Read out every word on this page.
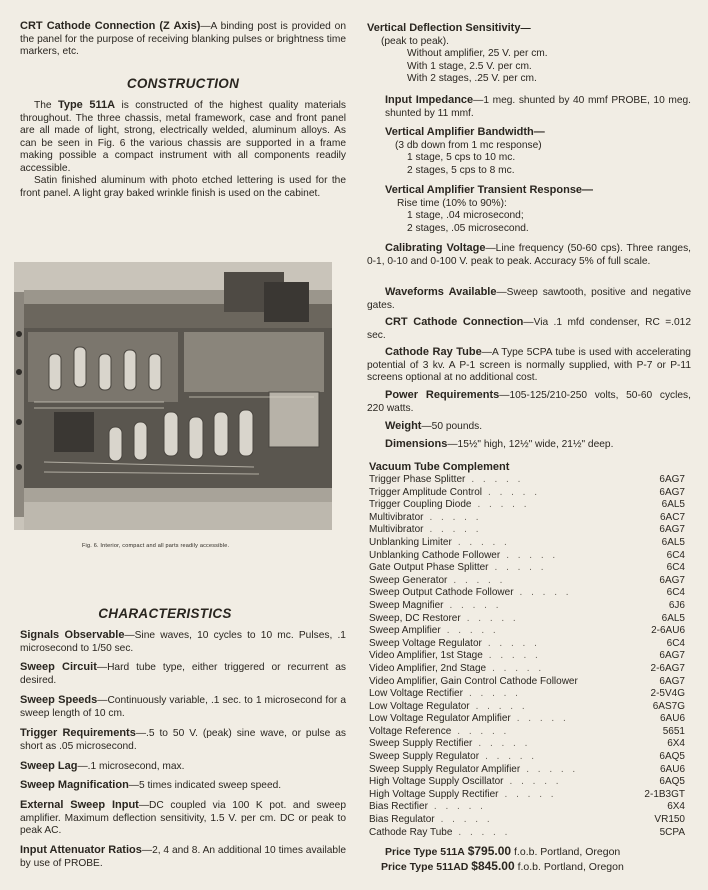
CRT Cathode Connection (Z Axis)—A binding post is provided on the panel for the purpose of receiving blanking pulses or brightness time markers, etc.

CONSTRUCTION

The Type 511A is constructed of the highest quality materials throughout. The three chassis, metal framework, case and front panel are all made of light, strong, electrically welded, aluminum alloys. As can be seen in Fig. 6 the various chassis are supported in a frame making possible a compact instrument with all components readily accessible.

Satin finished aluminum with photo etched lettering is used for the front panel. A light gray baked wrinkle finish is used on the cabinet.

Fig. 6. Interior, compact and all parts readily accessible.
CHARACTERISTICS

Signals Observable—Sine waves, 10 cycles to 10 mc. Pulses, .1 microsecond to 1/50 sec.

Sweep Circuit—Hard tube type, either triggered or recurrent as desired.

Sweep Speeds—Continuously variable, .1 sec. to 1 microsecond for a sweep length of 10 cm.

Trigger Requirements—.5 to 50 V. (peak) sine wave, or pulse as short as .05 microsecond.

Sweep Lag—.1 microsecond, max.

Sweep Magnification—5 times indicated sweep speed.

External Sweep Input—DC coupled via 100 K pot. and sweep amplifier. Maximum deflection sensitivity, 1.5 V. per cm. DC or peak to peak AC.

Input Attenuator Ratios—2, 4 and 8. An additional 10 times available by use of PROBE.

Vertical Deflection Sensitivity—

(peak to peak).

Without amplifier, 25 V. per cm.

With 1 stage, 2.5 V. per cm.

With 2 stages, .25 V. per cm.

Input Impedance—1 meg. shunted by 40 mmf PROBE, 10 meg. shunted by 11 mmf.

Vertical Amplifier Bandwidth—

(3 db down from 1 mc response)

1 stage, 5 cps to 10 mc.

2 stages, 5 cps to 8 mc.

Vertical Amplifier Transient Response—

Rise time (10% to 90%):

1 stage, .04 microsecond;

2 stages, .05 microsecond.

Calibrating Voltage—Line frequency (50-60 cps). Three ranges, 0-1, 0-10 and 0-100 V. peak to peak. Accuracy 5% of full scale.

Waveforms Available—Sweep sawtooth, positive and negative gates.

CRT Cathode Connection—Via .1 mfd condenser, RC =.012 sec.

Cathode Ray Tube—A Type 5CPA tube is used with accelerating potential of 3 kv. A P-1 screen is normally supplied, with P-7 or P-11 screens optional at no additional cost.

Power Requirements—105-125/210-250 volts, 50-60 cycles, 220 watts.

Weight—50 pounds.

Dimensions—15½" high, 12½" wide, 21½" deep.

Vacuum Tube Complement

Trigger Phase Splitter . . . . .	6AG7
Trigger Amplitude Control . . . . .	6AG7
Trigger Coupling Diode . . . . .	6AL5
Multivibrator . . . . .	6AC7
Multivibrator . . . . .	6AG7
Unblanking Limiter . . . . .	6AL5
Unblanking Cathode Follower . . . . .	6C4
Gate Output Phase Splitter . . . . .	6C4
Sweep Generator . . . . .	6AG7
Sweep Output Cathode Follower . . . . .	6C4
Sweep Magnifier . . . . .	6J6
Sweep, DC Restorer . . . . .	6AL5
Sweep Amplifier . . . . .	2-6AU6
Sweep Voltage Regulator . . . . .	6C4
Video Amplifier, 1st Stage . . . . .	6AG7
Video Amplifier, 2nd Stage . . . . .	2-6AG7
Video Amplifier, Gain Control Cathode Follower	6AG7
Low Voltage Rectifier . . . . .	2-5V4G
Low Voltage Regulator . . . . .	6AS7G
Low Voltage Regulator Amplifier . . . . .	6AU6
Voltage Reference . . . . .	5651
Sweep Supply Rectifier . . . . .	6X4
Sweep Supply Regulator . . . . .	6AQ5
Sweep Supply Regulator Amplifier . . . . .	6AU6
High Voltage Supply Oscillator . . . . .	6AQ5
High Voltage Supply Rectifier . . . . .	2-1B3GT
Bias Rectifier . . . . .	6X4
Bias Regulator . . . . .	VR150
Cathode Ray Tube . . . . .	5CPA

Price Type 511A $795.00 f.o.b. Portland, Oregon

Price Type 511AD $845.00 f.o.b. Portland, Oregon
